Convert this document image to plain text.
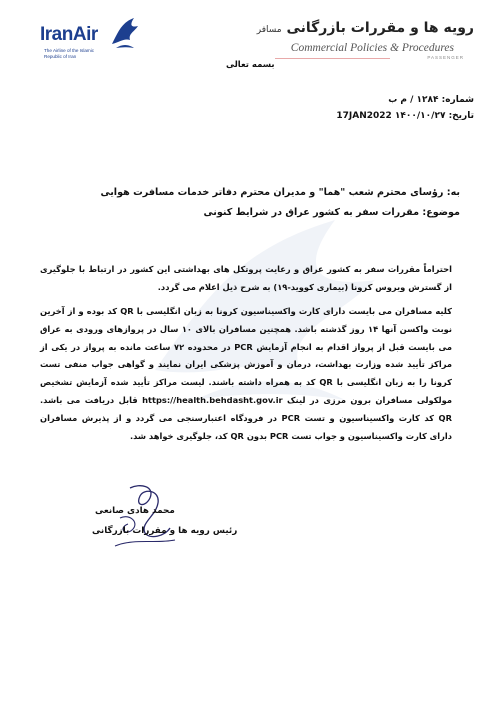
IranAir
The Airline of the Islamic Republic of Iran
رویه ها و مقررات بازرگانی مسافر
Commercial Policies & Procedures
PASSENGER
بسمه تعالی
شماره: ۱۲۸۴ / م ب
تاریخ: ۱۴۰۰/۱۰/۲۷ 17JAN2022
به: رؤسای محترم شعب "هما" و مدیران محترم دفاتر خدمات مسافرت هوایی
موضوع: مقررات سفر به کشور عراق در شرایط کنونی
احتراماً مقررات سفر به کشور عراق و رعایت پروتکل های بهداشتی این کشور در ارتباط با جلوگیری از گسترش ویروس کرونا (بیماری کووید-۱۹) به شرح ذیل اعلام می گردد.
کلیه مسافران می بایست دارای کارت واکسیناسیون کرونا به زبان انگلیسی با QR کد بوده و از آخرین نوبت واکسن آنها ۱۴ روز گذشته باشد. همچنین مسافران بالای ۱۰ سال در پروازهای ورودی به عراق می بایست قبل از پرواز اقدام به انجام آزمایش PCR در محدوده ۷۲ ساعت مانده به پرواز در یکی از مراکز تأیید شده وزارت بهداشت، درمان و آموزش پزشکی ایران نمایند و گواهی جواب منفی تست کرونا را به زبان انگلیسی با QR کد به همراه داشته باشند. لیست مراکز تأیید شده آزمایش تشخیص مولکولی مسافران برون مرزی در لینک https://health.behdasht.gov.ir قابل دریافت می باشد. QR کد کارت واکسیناسیون و تست PCR در فرودگاه اعتبارسنجی می گردد و از پذیرش مسافران دارای کارت واکسیناسیون و جواب تست PCR بدون QR کد، جلوگیری خواهد شد.
محمد هادی صانعی
رئیس رویه ها و مقررات بازرگانی
